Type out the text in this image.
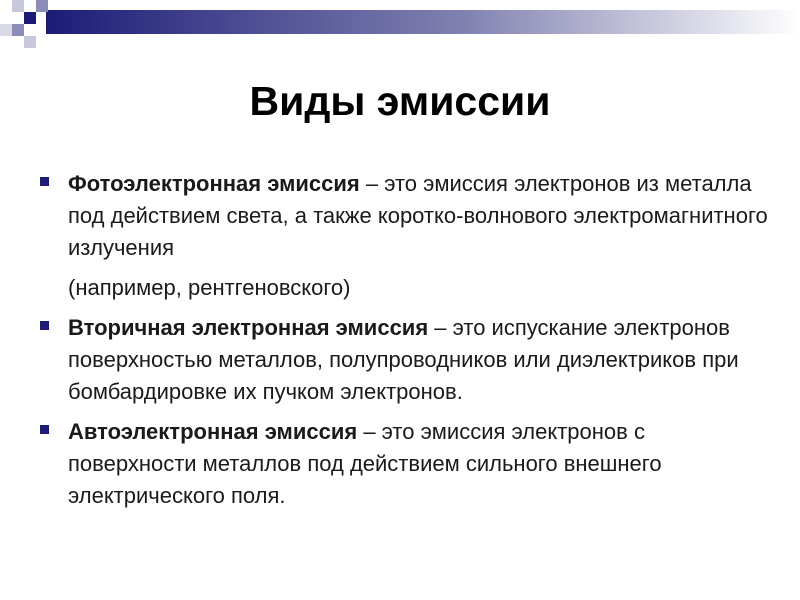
Виды эмиссии
Фотоэлектронная эмиссия – это эмиссия электронов из металла под действием света, а также коротко-волнового электромагнитного излучения
(например, рентгеновского)
Вторичная электронная эмиссия – это испускание электронов поверхностью металлов, полупроводников или диэлектриков при бомбардировке их пучком электронов.
Автоэлектронная эмиссия – это эмиссия электронов с поверхности металлов под действием сильного внешнего электрического поля.
